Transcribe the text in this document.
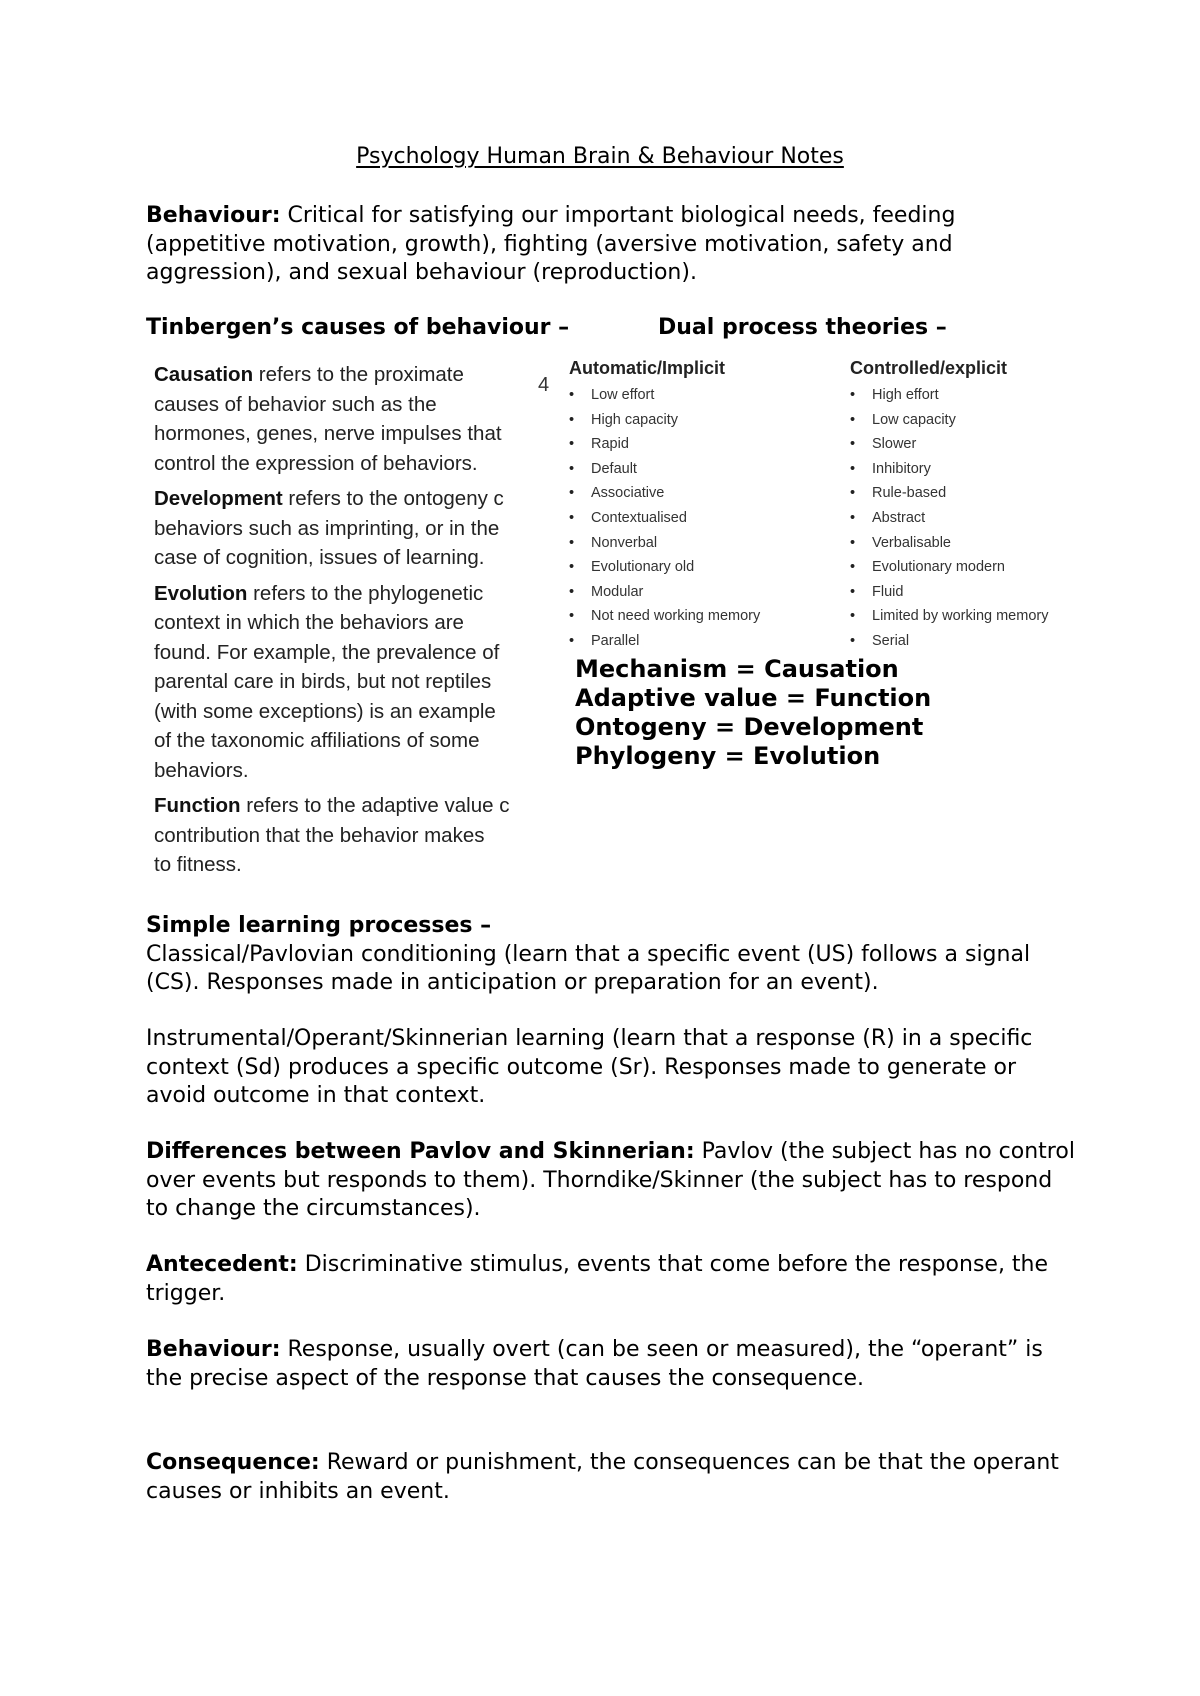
Psychology Human Brain & Behaviour Notes

Behaviour: Critical for satisfying our important biological needs, feeding (appetitive motivation, growth), fighting (aversive motivation, safety and aggression), and sexual behaviour (reproduction).

Tinbergen’s causes of behaviour –	Dual process theories –
4

Causation refers to the proximate
causes of behavior such as the
hormones, genes, nerve impulses that
control the expression of behaviors.

Development refers to the ontogeny c
behaviors such as imprinting, or in the
case of cognition, issues of learning.

Evolution refers to the phylogenetic
context in which the behaviors are
found. For example, the prevalence of
parental care in birds, but not reptiles
(with some exceptions) is an example
of the taxonomic affiliations of some
behaviors.

Function refers to the adaptive value c
contribution that the behavior makes
to fitness.

Automatic/Implicit
• Low effort
• High capacity
• Rapid
• Default
• Associative
• Contextualised
• Nonverbal
• Evolutionary old
• Modular
• Not need working memory
• Parallel
Controlled/explicit
• High effort
• Low capacity
• Slower
• Inhibitory
• Rule-based
• Abstract
• Verbalisable
• Evolutionary modern
• Fluid
• Limited by working memory
• Serial
Mechanism = Causation
Adaptive value = Function
Ontogeny = Development
Phylogeny = Evolution

Simple learning processes –
Classical/Pavlovian conditioning (learn that a specific event (US) follows a signal (CS). Responses made in anticipation or preparation for an event).

Instrumental/Operant/Skinnerian learning (learn that a response (R) in a specific context (Sd) produces a specific outcome (Sr). Responses made to generate or avoid outcome in that context.

Differences between Pavlov and Skinnerian: Pavlov (the subject has no control over events but responds to them). Thorndike/Skinner (the subject has to respond to change the circumstances).

Antecedent: Discriminative stimulus, events that come before the response, the trigger.

Behaviour: Response, usually overt (can be seen or measured), the “operant” is the precise aspect of the response that causes the consequence.

Consequence: Reward or punishment, the consequences can be that the operant causes or inhibits an event.
